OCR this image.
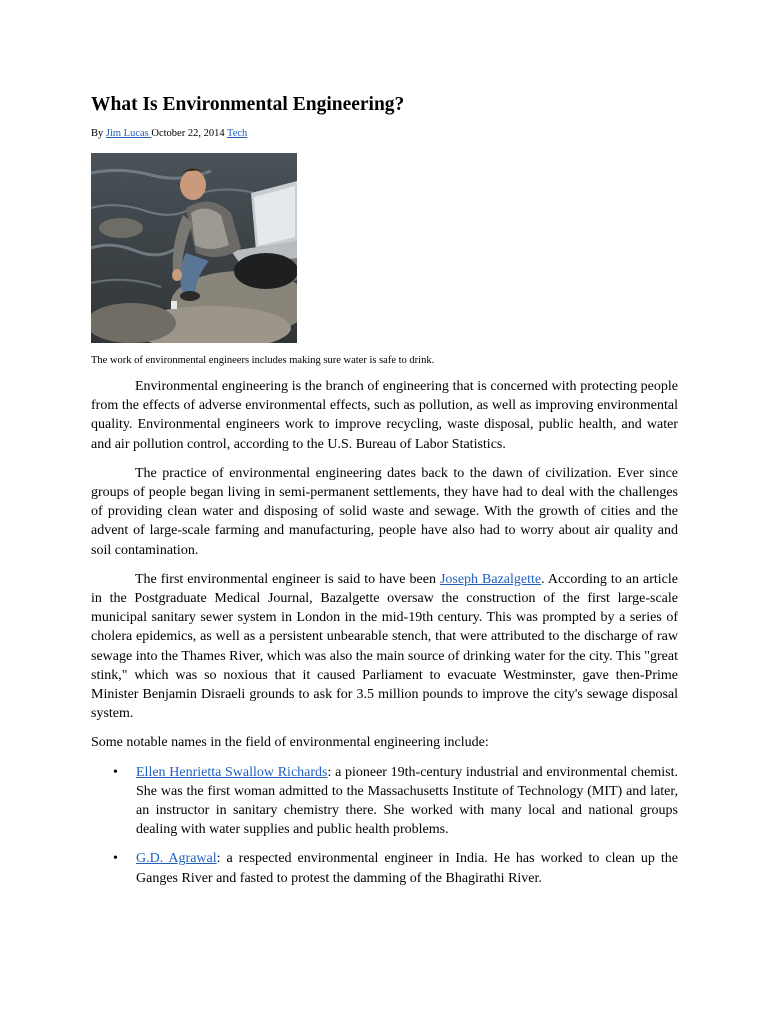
What Is Environmental Engineering?
By Jim Lucas October 22, 2014 Tech
The work of environmental engineers includes making sure water is safe to drink.

Environmental engineering is the branch of engineering that is concerned with protecting people from the effects of adverse environmental effects, such as pollution, as well as improving environmental quality. Environmental engineers work to improve recycling, waste disposal, public health, and water and air pollution control, according to the U.S. Bureau of Labor Statistics.

The practice of environmental engineering dates back to the dawn of civilization. Ever since groups of people began living in semi-permanent settlements, they have had to deal with the challenges of providing clean water and disposing of solid waste and sewage. With the growth of cities and the advent of large-scale farming and manufacturing, people have also had to worry about air quality and soil contamination.

The first environmental engineer is said to have been Joseph Bazalgette. According to an article in the Postgraduate Medical Journal, Bazalgette oversaw the construction of the first large-scale municipal sanitary sewer system in London in the mid-19th century. This was prompted by a series of cholera epidemics, as well as a persistent unbearable stench, that were attributed to the discharge of raw sewage into the Thames River, which was also the main source of drinking water for the city. This "great stink," which was so noxious that it caused Parliament to evacuate Westminster, gave then-Prime Minister Benjamin Disraeli grounds to ask for 3.5 million pounds to improve the city's sewage disposal system.

Some notable names in the field of environmental engineering include:

• Ellen Henrietta Swallow Richards: a pioneer 19th-century industrial and environmental chemist. She was the first woman admitted to the Massachusetts Institute of Technology (MIT) and later, an instructor in sanitary chemistry there. She worked with many local and national groups dealing with water supplies and public health problems.
• G.D. Agrawal: a respected environmental engineer in India. He has worked to clean up the Ganges River and fasted to protest the damming of the Bhagirathi River.
